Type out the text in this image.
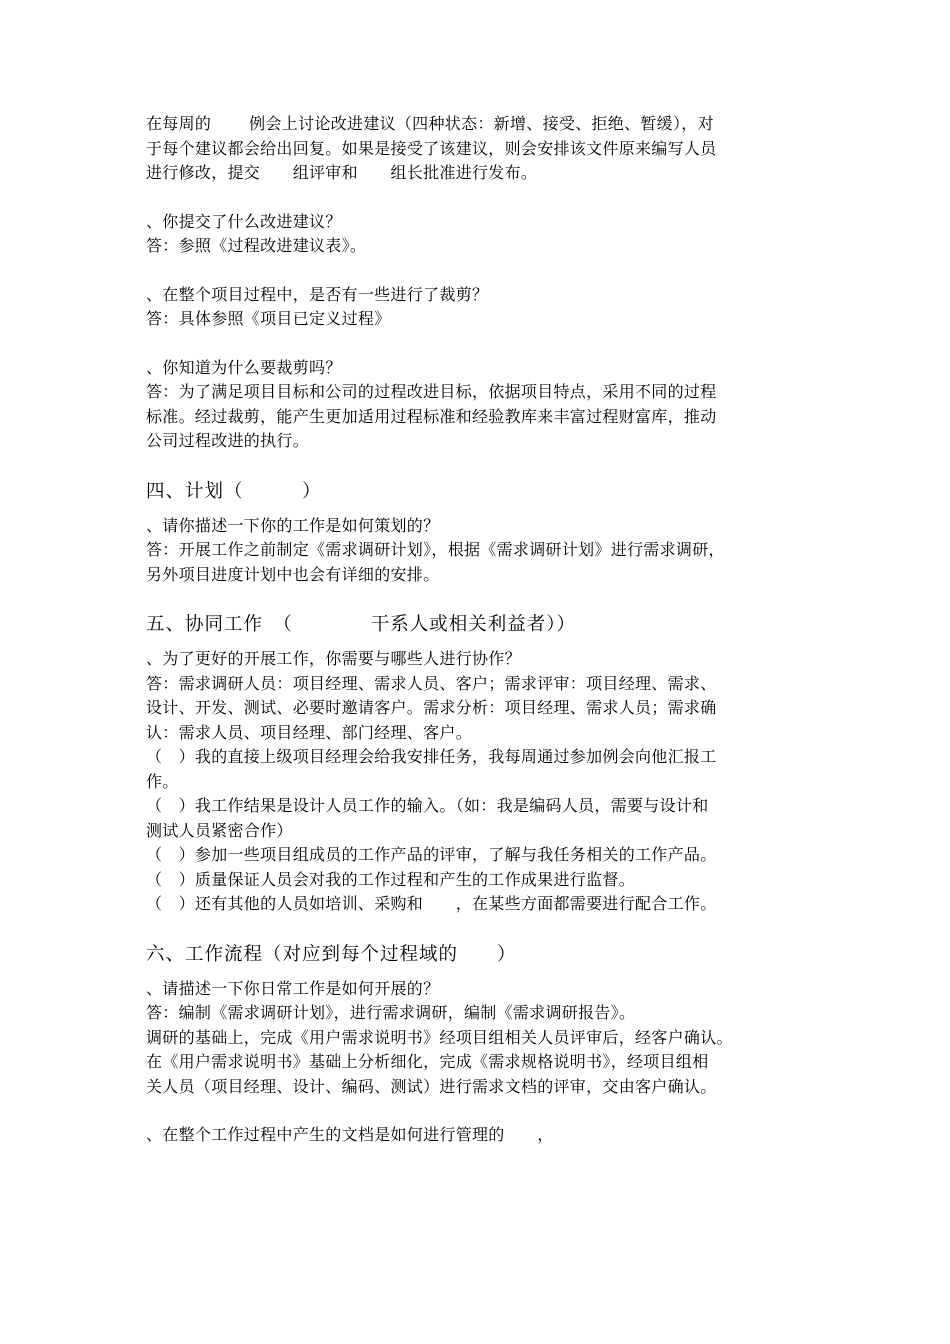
在每周的 　　例会上讨论改进建议（四种状态：新增、接受、拒绝、暂缓），对
于每个建议都会给出回复。如果是接受了该建议，则会安排该文件原来编写人员
进行修改，提交　　组评审和　　组长批准进行发布。
、你提交了什么改进建议？
答：参照《过程改进建议表》。
、在整个项目过程中，是否有一些进行了裁剪？
答：具体参照《项目已定义过程》
、你知道为什么要裁剪吗？
答：为了满足项目目标和公司的过程改进目标，依据项目特点，采用不同的过程
标准。经过裁剪，能产生更加适用过程标准和经验教库来丰富过程财富库，推动
公司过程改进的执行。
四、计划（　　　）
、请你描述一下你的工作是如何策划的？
答：开展工作之前制定《需求调研计划》，根据《需求调研计划》进行需求调研，
另外项目进度计划中也会有详细的安排。
五、协同工作　（　　　　干系人或相关利益者））
、为了更好的开展工作，你需要与哪些人进行协作？
答：需求调研人员：项目经理、需求人员、客户；需求评审：项目经理、需求、
设计、开发、测试、必要时邀请客户。需求分析：项目经理、需求人员；需求确
认：需求人员、项目经理、部门经理、客户。
（　）我的直接上级项目经理会给我安排任务，我每周通过参加例会向他汇报工
作。
（　）我工作结果是设计人员工作的输入。（如：我是编码人员，需要与设计和
测试人员紧密合作）
（　）参加一些项目组成员的工作产品的评审，了解与我任务相关的工作产品。
（　）质量保证人员会对我的工作过程和产生的工作成果进行监督。
（　）还有其他的人员如培训、采购和　　，在某些方面都需要进行配合工作。
六、工作流程（对应到每个过程域的　　）
、请描述一下你日常工作是如何开展的？
答：编制《需求调研计划》，进行需求调研，编制《需求调研报告》。
调研的基础上，完成《用户需求说明书》经项目组相关人员评审后，经客户确认。
在《用户需求说明书》基础上分析细化，完成《需求规格说明书》，经项目组相
关人员（项目经理、设计、编码、测试）进行需求文档的评审，交由客户确认。
、在整个工作过程中产生的文档是如何进行管理的　　，
